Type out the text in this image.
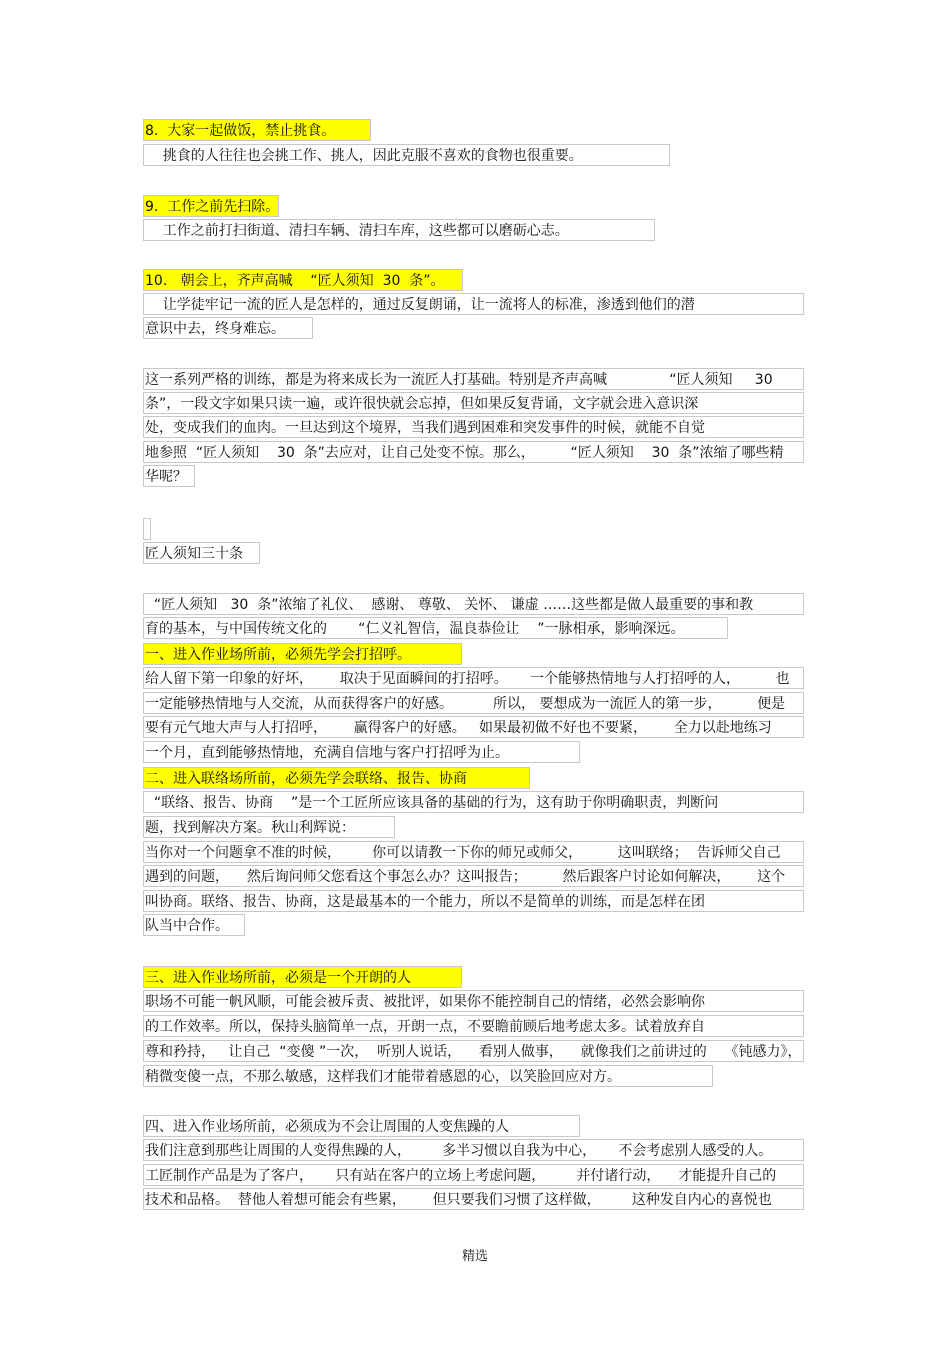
8.  大家一起做饭，禁止挑食。
挑食的人往往也会挑工作、挑人，因此克服不喜欢的食物也很重要。
9.  工作之前先扫除。
工作之前打扫街道、清扫车辆、清扫车库，这些都可以磨砺心志。
10.   朝会上，齐声高喊    “匠人须知  30  条”。
让学徒牢记一流的匠人是怎样的，通过反复朗诵，让一流将人的标准，渗透到他们的潜
意识中去，终身难忘。
这一系列严格的训练，都是为将来成长为一流匠人打基础。特别是齐声高喊              “匠人须知     30
条”，一段文字如果只读一遍，或许很快就会忘掉，但如果反复背诵，文字就会进入意识深
处，变成我们的血肉。一旦达到这个境界，当我们遇到困难和突发事件的时候，就能不自觉
地参照  “匠人须知    30  条”去应对，让自己处变不惊。那么，        “匠人须知    30  条”浓缩了哪些精
华呢？
匠人须知三十条
“匠人须知   30  条”浓缩了礼仪、  感谢、 尊敬、 关怀、 谦虚 ……这些都是做人最重要的事和教
育的基本，与中国传统文化的       “仁义礼智信，温良恭俭让    ”一脉相承，影响深远。
一、进入作业场所前，必须先学会打招呼。
给人留下第一印象的好坏，      取决于见面瞬间的打招呼。     一个能够热情地与人打招呼的人，        也
一定能够热情地与人交流，从而获得客户的好感。         所以， 要想成为一流匠人的第一步，        便是
要有元气地大声与人打招呼，      赢得客户的好感。   如果最初做不好也不要紧，      全力以赴地练习
一个月，直到能够热情地，充满自信地与客户打招呼为止。
二、进入联络场所前，必须先学会联络、报告、协商
“联络、报告、协商    ”是一个工匠所应该具备的基础的行为，这有助于你明确职责，判断问
题，找到解决方案。秋山利辉说：
当你对一个问题拿不准的时候，       你可以请教一下你的师兄或师父，        这叫联络；  告诉师父自己
遇到的问题，    然后询问师父您看这个事怎么办？这叫报告；        然后跟客户讨论如何解决，      这个
叫协商。联络、报告、协商，这是最基本的一个能力，所以不是简单的训练，而是怎样在团
队当中合作。
三、进入作业场所前，必须是一个开朗的人
职场不可能一帆风顺，可能会被斥责、被批评，如果你不能控制自己的情绪，必然会影响你
的工作效率。所以，保持头脑简单一点，开朗一点，不要瞻前顾后地考虑太多。试着放弃自
尊和矜持，   让自己  “变傻 ”一次，  听别人说话，    看别人做事，    就像我们之前讲过的    《钝感力》，
稍微变傻一点，不那么敏感，这样我们才能带着感恩的心，以笑脸回应对方。
四、进入作业场所前，必须成为不会让周围的人变焦躁的人
我们注意到那些让周围的人变得焦躁的人，       多半习惯以自我为中心，     不会考虑别人感受的人。
工匠制作产品是为了客户，     只有站在客户的立场上考虑问题，       并付诸行动，    才能提升自己的
技术和品格。  替他人着想可能会有些累，      但只要我们习惯了这样做，       这种发自内心的喜悦也
精选
